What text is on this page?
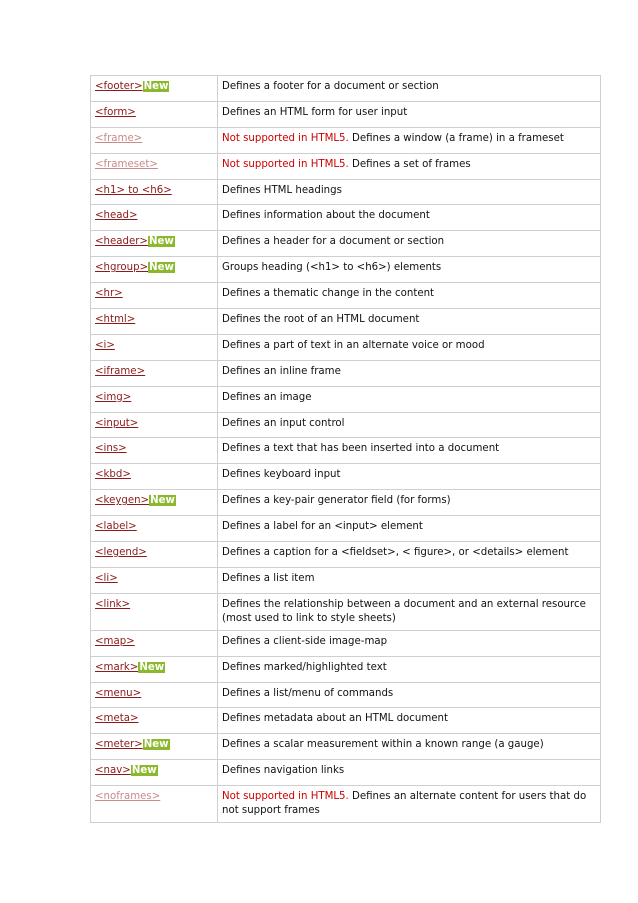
<footer>New	Defines a footer for a document or section
<form>	Defines an HTML form for user input
<frame>	Not supported in HTML5. Defines a window (a frame) in a frameset
<frameset>	Not supported in HTML5. Defines a set of frames
<h1> to <h6>	Defines HTML headings
<head>	Defines information about the document
<header>New	Defines a header for a document or section
<hgroup>New	Groups heading (<h1> to <h6>) elements
<hr>	Defines a thematic change in the content
<html>	Defines the root of an HTML document
<i>	Defines a part of text in an alternate voice or mood
<iframe>	Defines an inline frame
<img>	Defines an image
<input>	Defines an input control
<ins>	Defines a text that has been inserted into a document
<kbd>	Defines keyboard input
<keygen>New	Defines a key-pair generator field (for forms)
<label>	Defines a label for an <input> element
<legend>	Defines a caption for a <fieldset>, < figure>, or <details> element
<li>	Defines a list item
<link>	Defines the relationship between a document and an external resource (most used to link to style sheets)
<map>	Defines a client-side image-map
<mark>New	Defines marked/highlighted text
<menu>	Defines a list/menu of commands
<meta>	Defines metadata about an HTML document
<meter>New	Defines a scalar measurement within a known range (a gauge)
<nav>New	Defines navigation links
<noframes>	Not supported in HTML5. Defines an alternate content for users that do not support frames
